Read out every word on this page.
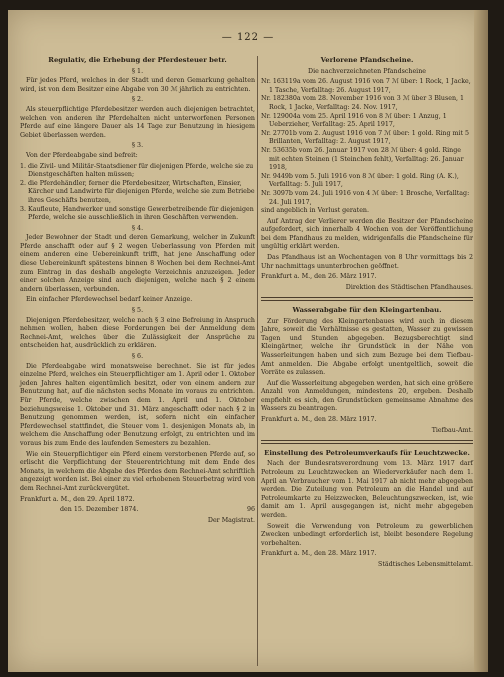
— 122 —
Regulativ, die Erhebung der Pferdesteuer betr.
§ 1.

Für jedes Pferd, welches in der Stadt und deren Gemarkung gehalten wird, ist von dem Besitzer eine Abgabe von 30 ℳ jährlich zu entrichten.

§ 2.

Als steuerpflichtige Pferdebesitzer werden auch diejenigen betrachtet, welchen von anderen ihr Pferdehalten nicht unterworfenen Personen Pferde auf eine längere Dauer als 14 Tage zur Benutzung in hiesigem Gebiet überlassen werden.

§ 3.

Von der Pferdeabgabe sind befreit:

1. die Zivil- und Militär-Staatsdiener für diejenigen Pferde, welche sie zu Dienstgeschäften halten müssen;

2. die Pferdehändler, ferner die Pferdebesitzer, Wirtschaften, Einsier, Kärcher und Landwirte für diejenigen Pferde, welche sie zum Betriebe ihres Geschäfts benutzen,

3. Kaufleute, Handwerker und sonstige Gewerbetreibende für diejenigen Pferde, welche sie ausschließlich in ihren Geschäften verwenden.

§ 4.

Jeder Bewohner der Stadt und deren Gemarkung, welcher in Zukunft Pferde anschafft oder auf § 2 wegen Ueberlassung von Pferden mit einem anderen eine Uebereinkunft trifft, hat jene Anschaffung oder diese Uebereinkunft spätestens binnen 8 Wochen bei dem Rechnei-Amt zum Eintrag in das deshalb angelegte Verzeichnis anzuzeigen. Jeder einer solchen Anzeige sind auch diejenigen, welche nach § 2 einem andern überlassen, verbunden.

Ein einfacher Pferdewechsel bedarf keiner Anzeige.

§ 5.

Diejenigen Pferdebesitzer, welche nach § 3 eine Befreiung in Anspruch nehmen wollen, haben diese Forderungen bei der Anmeldung dem Rechnei-Amt, welches über die Zulässigkeit der Ansprüche zu entscheiden hat, ausdrücklich zu erklären.

§ 6.

Die Pferdeabgabe wird monatsweise berechnet. Sie ist für jedes einzelne Pferd, welches ein Steuerpflichtiger am 1. April oder 1. Oktober jeden Jahres halten eigentümlich besitzt, oder von einem andern zur Benutzung hat, auf die nächsten sechs Monate im voraus zu entrichten. Für Pferde, welche zwischen dem 1. April und 1. Oktober beziehungsweise 1. Oktober und 31. März angeschafft oder nach § 2 in Benutzung genommen werden, ist, sofern nicht ein einfacher Pferdewechsel stattfindet, die Steuer vom 1. desjenigen Monats ab, in welchem die Anschaffung oder Benutzung erfolgt, zu entrichten und im voraus bis zum Ende des laufenden Semesters zu bezahlen.

Wie ein Steuerpflichtiger ein Pferd einem verstorbenen Pferde auf, so erlischt die Verpflichtung der Steuerentrichtung mit dem Ende des Monats, in welchem die Abgabe des Pferdes dem Rechnei-Amt schriftlich angezeigt worden ist. Bei einer zu viel erhobenen Steuerbetrag wird von dem Rechnei-Amt zurückvergütet.

Frankfurt a. M., den 29. April 1872.

den 15. Dezember 1874.	96

Der Magistrat.

Verlorene Pfandscheine.

Die nachverzeichneten Pfandscheine

Nr. 163119a vom 26. August 1916 von 7 ℳ über: 1 Rock, 1 Jacke, 1 Tasche, Verfalltag: 26. August 1917,

Nr. 182380a vom 28. November 1916 von 3 ℳ über 3 Blusen, 1 Rock, 1 Jacke, Verfalltag: 24. Nov. 1917,

Nr. 129004a vom 25. April 1916 von 8 ℳ über: 1 Anzug, 1 Ueberzieher, Verfalltag: 25. April 1917,

Nr. 27701b vom 2. August 1916 von 7 ℳ über: 1 gold. Ring mit 5 Brillanten, Verfalltag: 2. August 1917,

Nr. 53635b vom 26. Januar 1917 von 28 ℳ über: 4 gold. Ringe mit echten Steinen (1 Steinchen fehlt), Verfalltag: 26. Januar 1918,

Nr. 9449b vom 5. Juli 1916 von 8 ℳ über: 1 gold. Ring (A. K.), Verfalltag: 5. Juli 1917,

Nr. 3097b vom 24. Juli 1916 von 4 ℳ über: 1 Brosche, Verfalltag: 24. Juli 1917,

sind angeblich in Verlust geraten.

Auf Antrag der Verlierer werden die Besitzer der Pfandscheine aufgefordert, sich innerhalb 4 Wochen von der Veröffentlichung bei dem Pfandhaus zu melden, widrigenfalls die Pfandscheine für ungültig erklärt werden.

Das Pfandhaus ist an Wochentagen von 8 Uhr vormittags bis 2 Uhr nachmittags ununterbrochen geöffnet.

Frankfurt a. M., den 26. März 1917.

Direktion des Städtischen Pfandhauses.

Wasserabgabe für den Kleingartenbau.

Zur Förderung des Kleingartenbaues wird auch in diesem Jahre, soweit die Verhältnisse es gestatten, Wasser zu gewissen Tagen und Stunden abgegeben. Bezugsberechtigt sind Kleingärtner, welche ihr Grundstück in der Nähe von Wasserleitungen haben und sich zum Bezuge bei dem Tiefbau-Amt anmelden. Die Abgabe erfolgt unentgeltlich, soweit die Vorräte es zulassen.

Auf die Wasserleitung abgegeben werden, hat sich eine größere Anzahl von Anmeldungen, mindestens 20, ergeben. Deshalb empfiehlt es sich, den Grundstücken gemeinsame Abnahme des Wassers zu beantragen.

Frankfurt a. M., den 28. März 1917.

Tiefbau-Amt.

Einstellung des Petroleumverkaufs für Leuchtzwecke.

Nach der Bundesratsverordnung vom 13. März 1917 darf Petroleum zu Leuchtzwecken an Wiederverkäufer nach dem 1. April an Verbraucher vom 1. Mai 1917 ab nicht mehr abgegeben werden. Die Zuteilung von Petroleum an die Handel und auf Petroleumkarte zu Heizzwecken, Beleuchtungszwecken, ist, wie damit am 1. April ausgegangen ist, nicht mehr abgegeben werden.

Soweit die Verwendung von Petroleum zu gewerblichen Zwecken unbedingt erforderlich ist, bleibt besondere Regelung vorbehalten.

Frankfurt a. M., den 28. März 1917.

Städtisches Lebensmittelamt.
